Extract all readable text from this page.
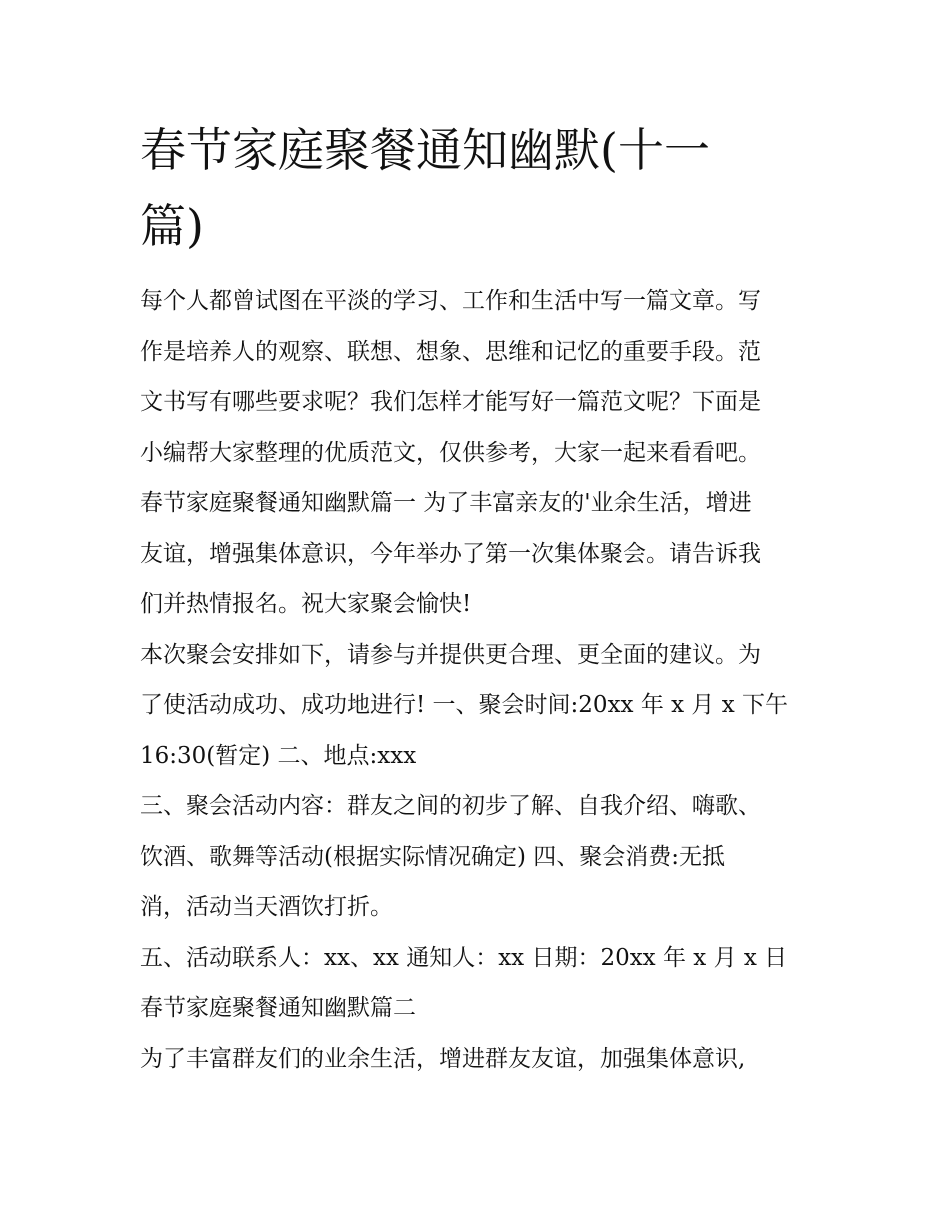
春节家庭聚餐通知幽默(十一
篇)
每个人都曾试图在平淡的学习、工作和生活中写一篇文章。写
作是培养人的观察、联想、想象、思维和记忆的重要手段。范
文书写有哪些要求呢？我们怎样才能写好一篇范文呢？下面是
小编帮大家整理的优质范文，仅供参考，大家一起来看看吧。
春节家庭聚餐通知幽默篇一 为了丰富亲友的'业余生活，增进
友谊，增强集体意识，今年举办了第一次集体聚会。请告诉我
们并热情报名。祝大家聚会愉快!
本次聚会安排如下，请参与并提供更合理、更全面的建议。为
了使活动成功、成功地进行! 一、聚会时间:20xx 年 x 月 x 下午
16:30(暂定) 二、地点:xxx
三、聚会活动内容：群友之间的初步了解、自我介绍、嗨歌、
饮酒、歌舞等活动(根据实际情况确定) 四、聚会消费:无抵
消，活动当天酒饮打折。
五、活动联系人：xx、xx 通知人：xx 日期：20xx 年 x 月 x 日
春节家庭聚餐通知幽默篇二
为了丰富群友们的业余生活，增进群友友谊，加强集体意识,
